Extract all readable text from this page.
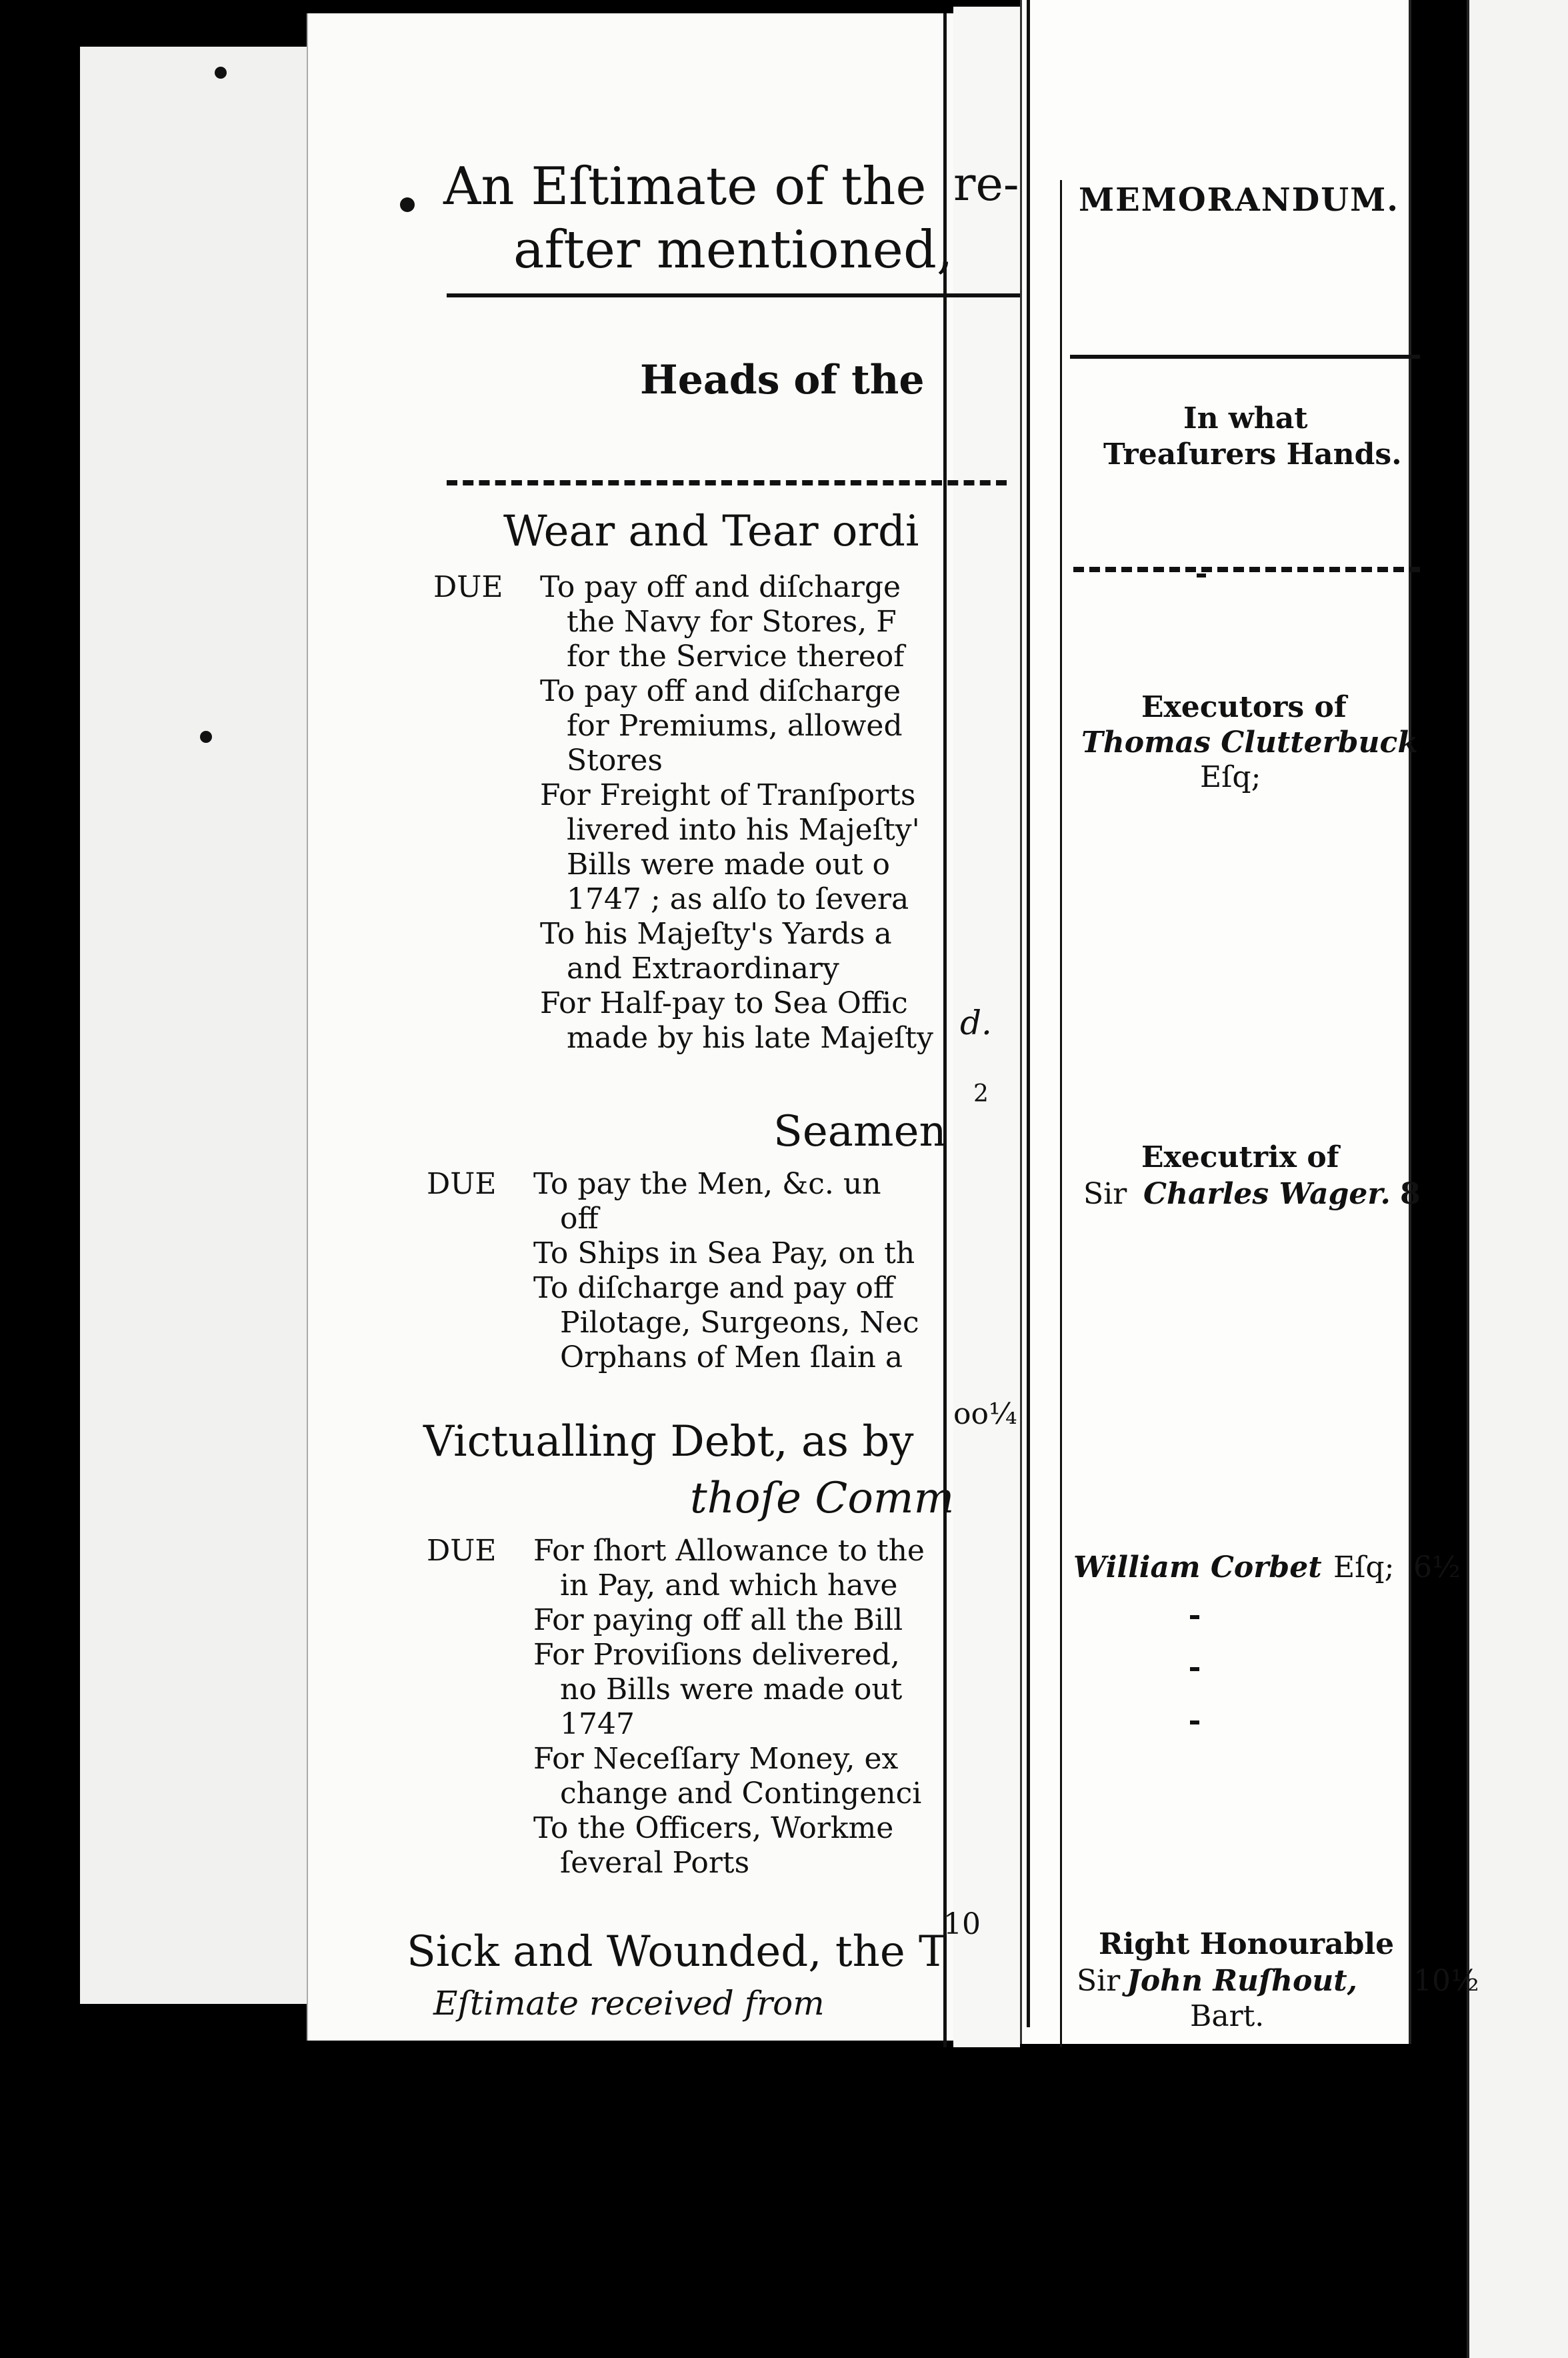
An Eſtimate of the re-
after mentioned,
Heads of the
Wear and Tear ordi
DUE To pay off and diſcharge
the Navy for Stores, F
for the Service thereof
To pay off and diſcharge
for Premiums, allowed
Stores
For Freight of Tranſports
livered into his Majeſty'
Bills were made out o
1747 ; as alſo to ſevera
To his Majeſty's Yards a
and Extraordinary
For Half-pay to Sea Offic
made by his late Majeſty
Seamen
DUE To pay the Men, &c. un
off
To Ships in Sea Pay, on th
To diſcharge and pay off
Pilotage, Surgeons, Nec
Orphans of Men ſlain a
Victualling Debt, as by
thoſe Comm
DUE For ſhort Allowance to the
in Pay, and which have
For paying off all the Bill
For Proviſions delivered,
no Bills were made out
1747
For Neceſſary Money, ex
change and Contingenci
To the Officers, Workme
ſeveral Ports
Sick and Wounded, the T
Eſtimate received from
d.
2
oo¼
10
MEMORANDUM.
In what
Treaſurers Hands.
Executors of
Thomas Clutterbuck
Eſq;
Executrix of
Sir Charles Wager. 8
William Corbet Eſq; 6½
Right Honourable
Sir John Ruſhout,
Bart.
10½
